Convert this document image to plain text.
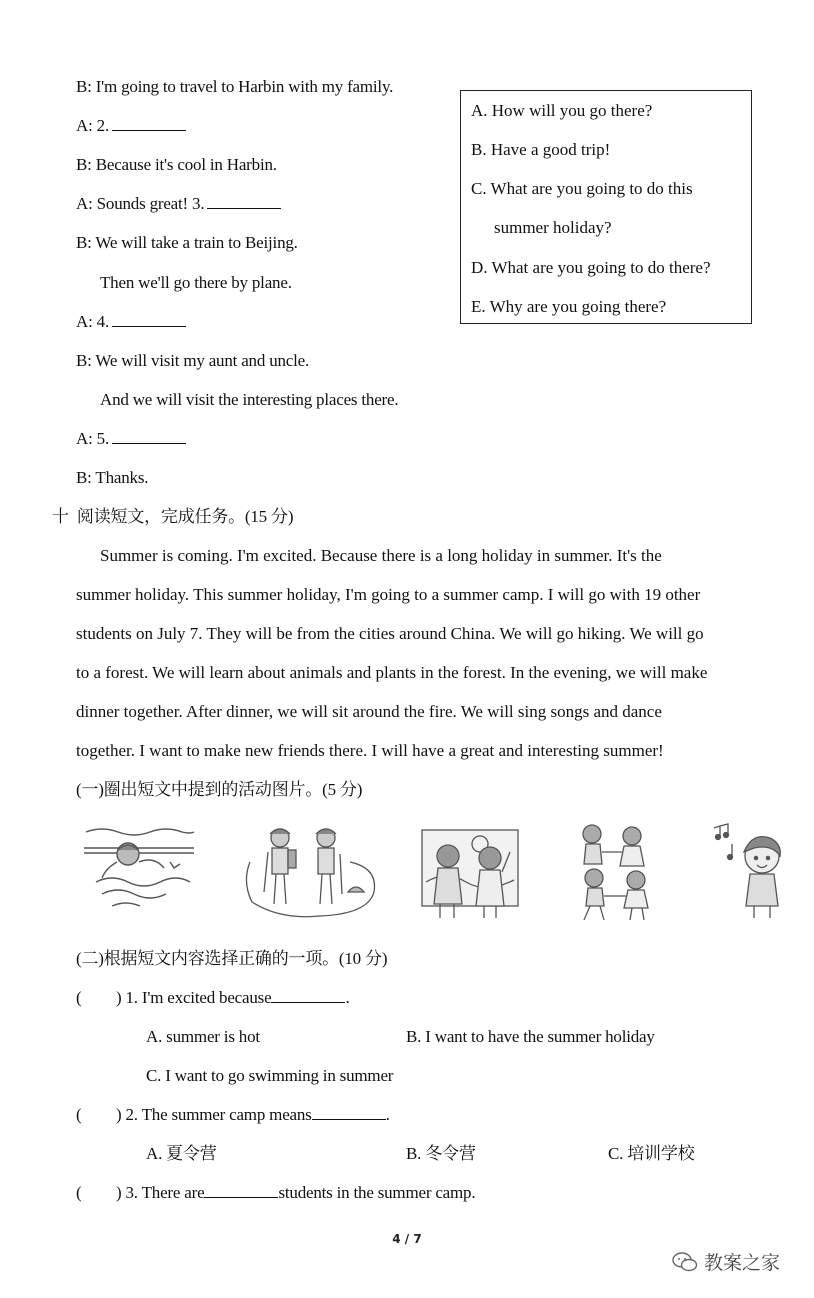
B: I'm going to travel to Harbin with my family.
A: 2.
B: Because it's cool in Harbin.
A: Sounds great! 3.
B: We will take a train to Beijing.
Then we'll go there by plane.
A: 4.
B: We will visit my aunt and uncle.
And we will visit the interesting places there.
A: 5.
B: Thanks.
A. How will you go there?
B. Have a good trip!
C. What are you going to do this
summer holiday?
D. What are you going to do there?
E. Why are you going there?
十 阅读短文，完成任务。(15 分)
Summer is coming. I'm excited. Because there is a long holiday in summer. It's the
summer holiday. This summer holiday, I'm going to a summer camp. I will go with 19 other
students on July 7. They will be from the cities around China. We will go hiking. We will go
to a forest. We will learn about animals and plants in the forest. In the evening, we will make
dinner together. After dinner, we will sit around the fire. We will sing songs and dance
together. I want to make new friends there. I will have a great and interesting summer!
(一)圈出短文中提到的活动图片。(5 分)
(二)根据短文内容选择正确的一项。(10 分)
( ) 1. I'm excited because	.
A. summer is hot	B. I want to have the summer holiday
C. I want to go swimming in summer
( ) 2. The summer camp means	.
A. 夏令营	B. 冬令营	C. 培训学校
( ) 3. There are	students in the summer camp.
4 / 7
教案之家
